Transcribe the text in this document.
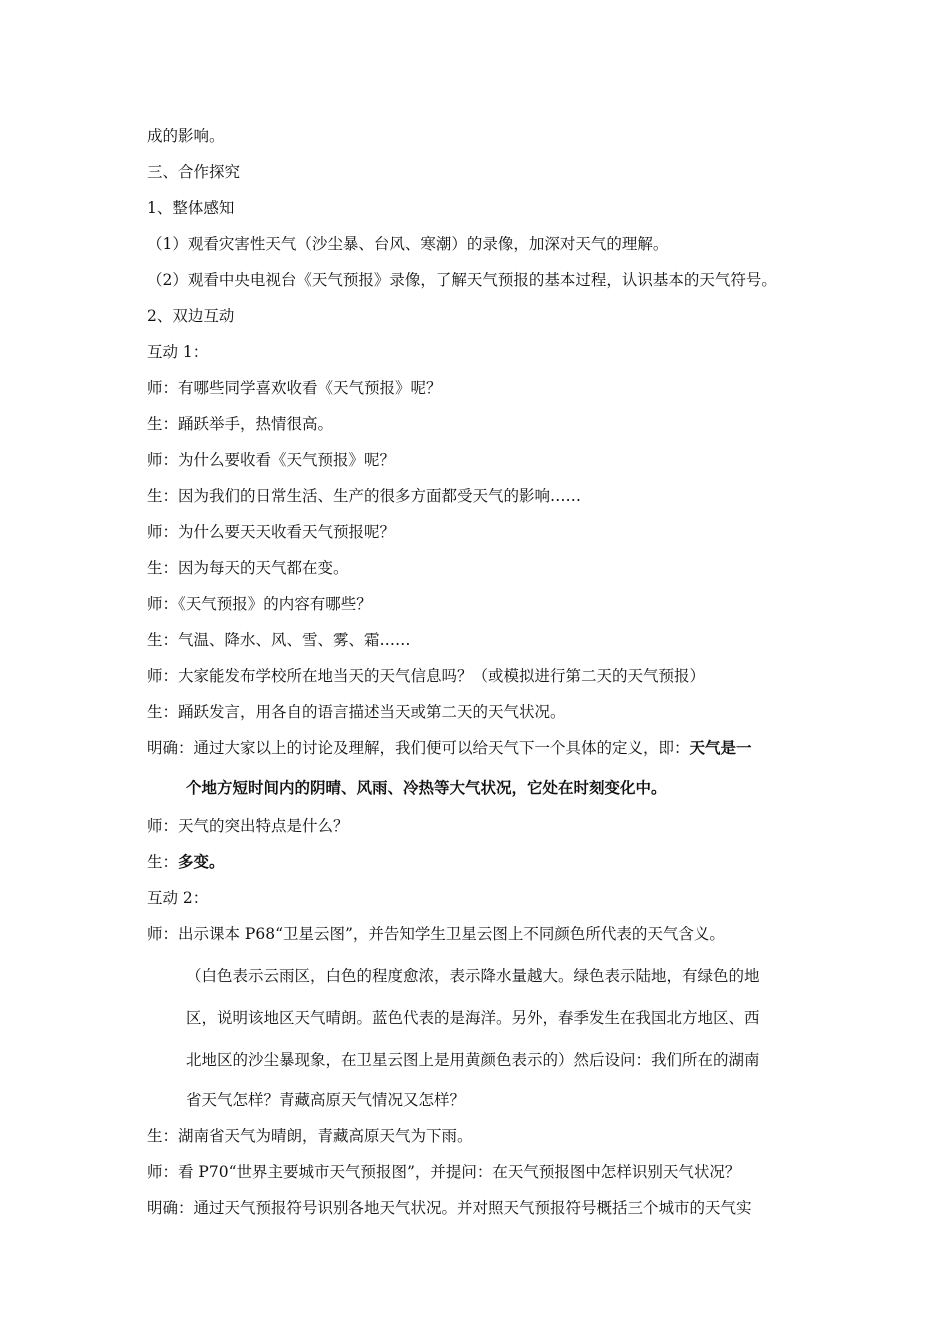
成的影响。
三、合作探究
1、整体感知
（1）观看灾害性天气（沙尘暴、台风、寒潮）的录像，加深对天气的理解。
（2）观看中央电视台《天气预报》录像，了解天气预报的基本过程，认识基本的天气符号。
2、双边互动
互动 1：
师：有哪些同学喜欢收看《天气预报》呢？
生：踊跃举手，热情很高。
师：为什么要收看《天气预报》呢？
生：因为我们的日常生活、生产的很多方面都受天气的影响……
师：为什么要天天收看天气预报呢？
生：因为每天的天气都在变。
师：《天气预报》的内容有哪些？
生：气温、降水、风、雪、雾、霜……
师：大家能发布学校所在地当天的天气信息吗？（或模拟进行第二天的天气预报）
生：踊跃发言，用各自的语言描述当天或第二天的天气状况。
明确：通过大家以上的讨论及理解，我们便可以给天气下一个具体的定义，即：天气是一
个地方短时间内的阴晴、风雨、冷热等大气状况，它处在时刻变化中。
师：天气的突出特点是什么？
生：多变。
互动 2：
师：出示课本 P68“卫星云图”，并告知学生卫星云图上不同颜色所代表的天气含义。
（白色表示云雨区，白色的程度愈浓，表示降水量越大。绿色表示陆地，有绿色的地
区，说明该地区天气晴朗。蓝色代表的是海洋。另外，春季发生在我国北方地区、西
北地区的沙尘暴现象，在卫星云图上是用黄颜色表示的）然后设问：我们所在的湖南
省天气怎样？青藏高原天气情况又怎样？
生：湖南省天气为晴朗，青藏高原天气为下雨。
师：看 P70“世界主要城市天气预报图”，并提问：在天气预报图中怎样识别天气状况？
明确：通过天气预报符号识别各地天气状况。并对照天气预报符号概括三个城市的天气实
